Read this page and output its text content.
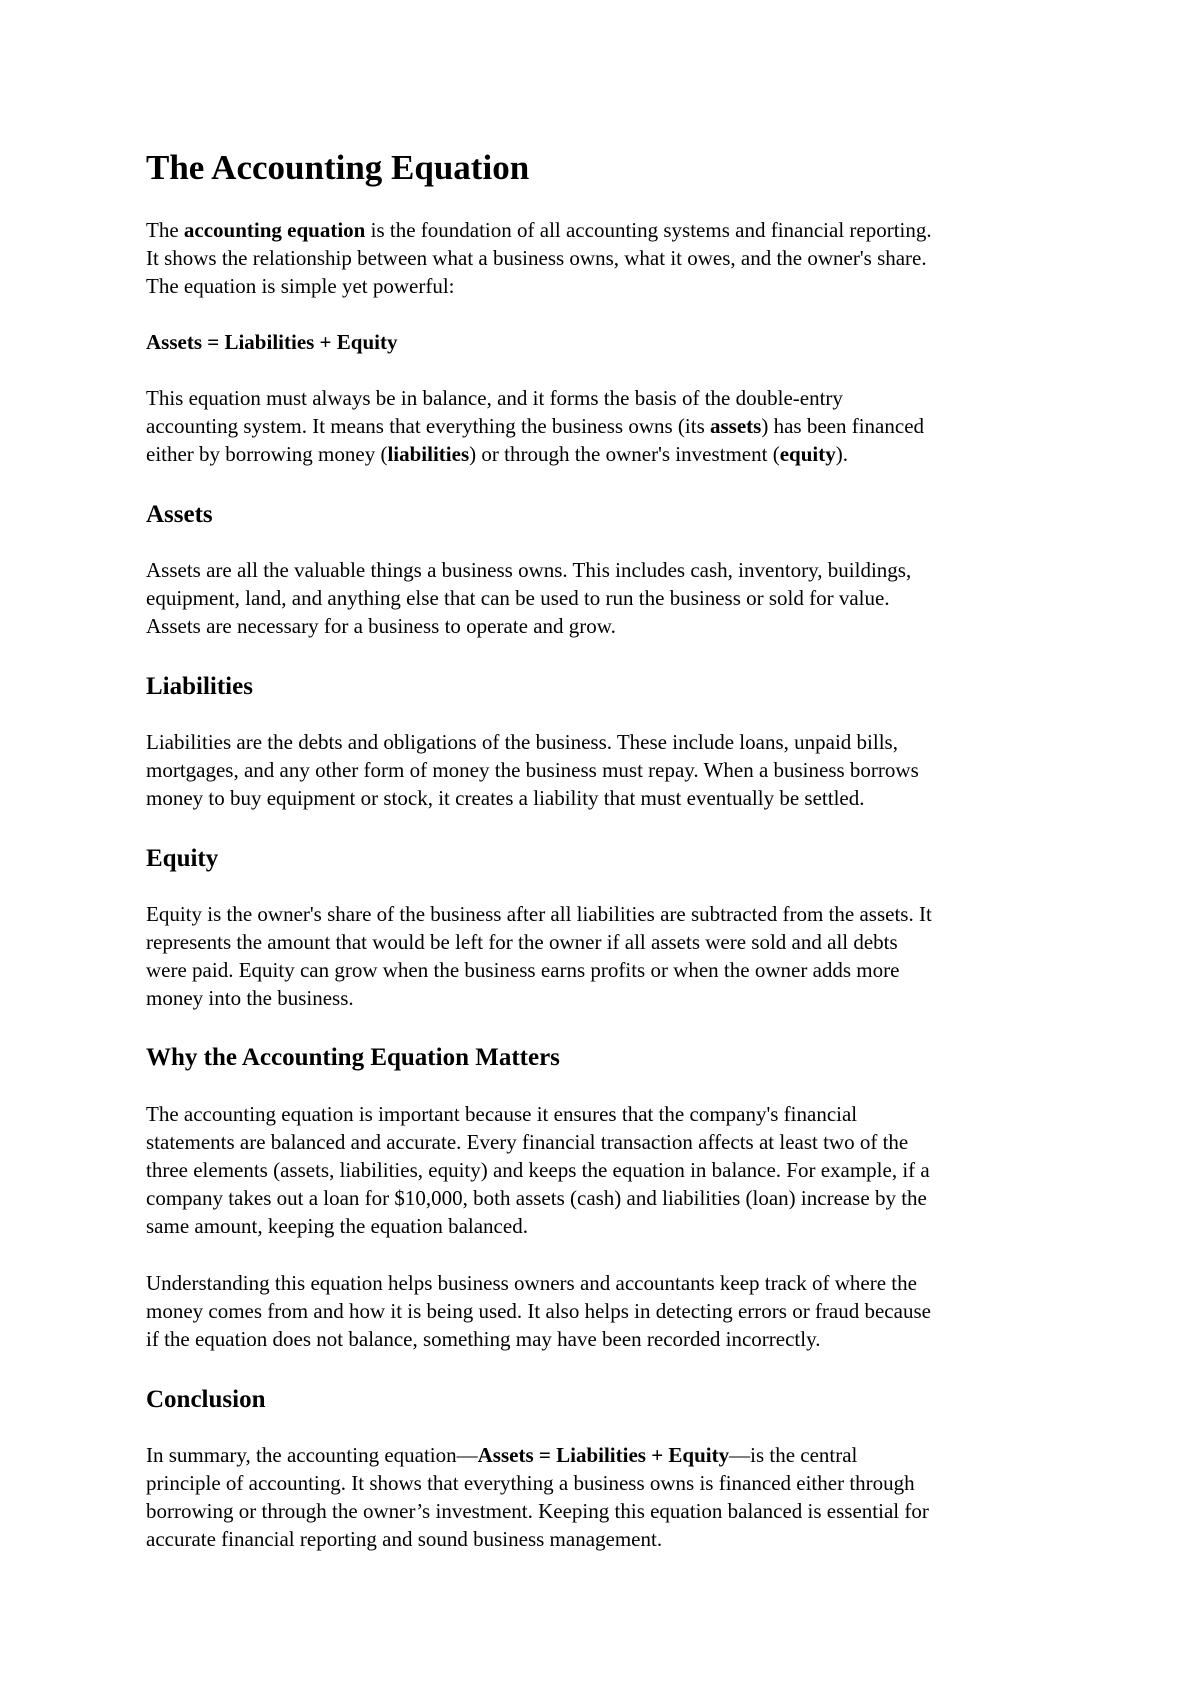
The Accounting Equation

The accounting equation is the foundation of all accounting systems and financial reporting.
It shows the relationship between what a business owns, what it owes, and the owner's share.
The equation is simple yet powerful:

Assets = Liabilities + Equity

This equation must always be in balance, and it forms the basis of the double-entry
accounting system. It means that everything the business owns (its assets) has been financed
either by borrowing money (liabilities) or through the owner's investment (equity).

Assets

Assets are all the valuable things a business owns. This includes cash, inventory, buildings,
equipment, land, and anything else that can be used to run the business or sold for value.
Assets are necessary for a business to operate and grow.

Liabilities

Liabilities are the debts and obligations of the business. These include loans, unpaid bills,
mortgages, and any other form of money the business must repay. When a business borrows
money to buy equipment or stock, it creates a liability that must eventually be settled.

Equity

Equity is the owner's share of the business after all liabilities are subtracted from the assets. It
represents the amount that would be left for the owner if all assets were sold and all debts
were paid. Equity can grow when the business earns profits or when the owner adds more
money into the business.

Why the Accounting Equation Matters

The accounting equation is important because it ensures that the company's financial
statements are balanced and accurate. Every financial transaction affects at least two of the
three elements (assets, liabilities, equity) and keeps the equation in balance. For example, if a
company takes out a loan for $10,000, both assets (cash) and liabilities (loan) increase by the
same amount, keeping the equation balanced.

Understanding this equation helps business owners and accountants keep track of where the
money comes from and how it is being used. It also helps in detecting errors or fraud because
if the equation does not balance, something may have been recorded incorrectly.

Conclusion

In summary, the accounting equation—Assets = Liabilities + Equity—is the central
principle of accounting. It shows that everything a business owns is financed either through
borrowing or through the owner’s investment. Keeping this equation balanced is essential for
accurate financial reporting and sound business management.
